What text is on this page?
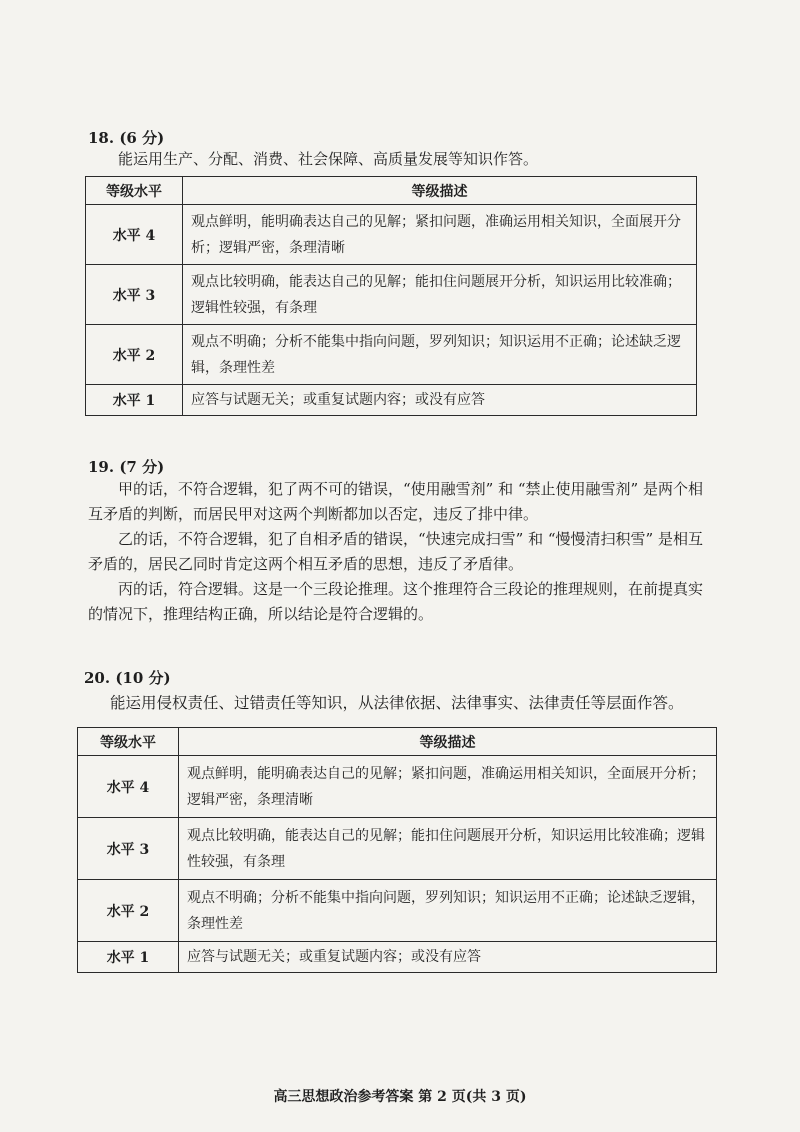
18. (6 分)
能运用生产、分配、消费、社会保障、高质量发展等知识作答。
等级水平	等级描述
水平 4	观点鲜明，能明确表达自己的见解；紧扣问题，准确运用相关知识，全面展开分析；逻辑严密，条理清晰
水平 3	观点比较明确，能表达自己的见解；能扣住问题展开分析，知识运用比较准确；逻辑性较强，有条理
水平 2	观点不明确；分析不能集中指向问题，罗列知识；知识运用不正确；论述缺乏逻辑，条理性差
水平 1	应答与试题无关；或重复试题内容；或没有应答
19. (7 分)

甲的话，不符合逻辑，犯了两不可的错误，“使用融雪剂” 和 “禁止使用融雪剂” 是两个相互矛盾的判断，而居民甲对这两个判断都加以否定，违反了排中律。

乙的话，不符合逻辑，犯了自相矛盾的错误，“快速完成扫雪” 和 “慢慢清扫积雪” 是相互矛盾的，居民乙同时肯定这两个相互矛盾的思想，违反了矛盾律。

丙的话，符合逻辑。这是一个三段论推理。这个推理符合三段论的推理规则，在前提真实的情况下，推理结构正确，所以结论是符合逻辑的。

20. (10 分)
能运用侵权责任、过错责任等知识，从法律依据、法律事实、法律责任等层面作答。
等级水平	等级描述
水平 4	观点鲜明，能明确表达自己的见解；紧扣问题，准确运用相关知识，全面展开分析；逻辑严密，条理清晰
水平 3	观点比较明确，能表达自己的见解；能扣住问题展开分析，知识运用比较准确；逻辑性较强，有条理
水平 2	观点不明确；分析不能集中指向问题，罗列知识；知识运用不正确；论述缺乏逻辑，条理性差
水平 1	应答与试题无关；或重复试题内容；或没有应答
高三思想政治参考答案 第 2 页(共 3 页)
